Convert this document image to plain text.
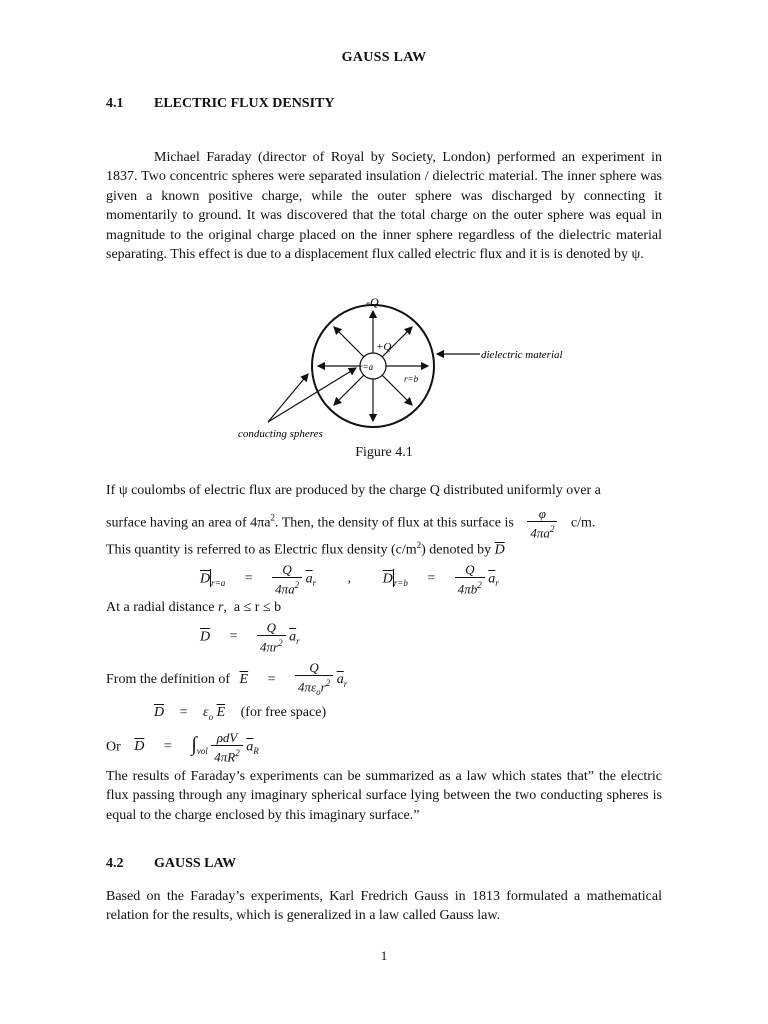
GAUSS LAW
4.1 ELECTRIC FLUX DENSITY
Michael Faraday (director of Royal by Society, London) performed an experiment in 1837. Two concentric spheres were separated insulation / dielectric material. The inner sphere was given a known positive charge, while the outer sphere was discharged by connecting it momentarily to ground. It was discovered that the total charge on the outer sphere was equal in magnitude to the original charge placed on the inner sphere regardless of the dielectric material separating. This effect is due to a displacement flux called electric flux and it is is denoted by ψ.
-Q
+Q
r=a
r=b
dielectric material
conducting spheres
Figure 4.1
If ψ coulombs of electric flux are produced by the charge Q distributed uniformly over a
surface having an area of $4\pi a^2$. Then, the density of flux at this surface is $\frac{\varphi}{4\pi a^2} c/m$.
This quantity is referred to as Electric flux density $(c/m^2)$ denoted by $\overline{D}$
$\overline{D}_{r=a} = \frac{Q}{4\pi a^2} \overline{a}_r$ , $\overline{D}_{r=b} = \frac{Q}{4\pi b^2} \overline{a}_r$
At a radial distance r,  a ≤ r ≤ b
$\overline{D} = \frac{Q}{4\pi r^2} \overline{a}_r$
From the definition of $\overline{E} = \frac{Q}{4\pi\varepsilon_or^2} \overline{a}_r$
$\overline{D} = \varepsilon_o$ $\overline{E}$ (for free space)
Or $\overline{D} = \int_{vol} \frac{\text{ρdV}}{4\pi R^2} \overline{a}_R$
The results of Faraday’s experiments can be summarized as a law which states that” the electric flux passing through any imaginary spherical surface lying between the two conducting spheres is equal to the charge enclosed by this imaginary surface.”
4.2 GAUSS LAW
Based on the Faraday’s experiments, Karl Fredrich Gauss in 1813 formulated a mathematical relation for the results, which is generalized in a law called Gauss law.
1
